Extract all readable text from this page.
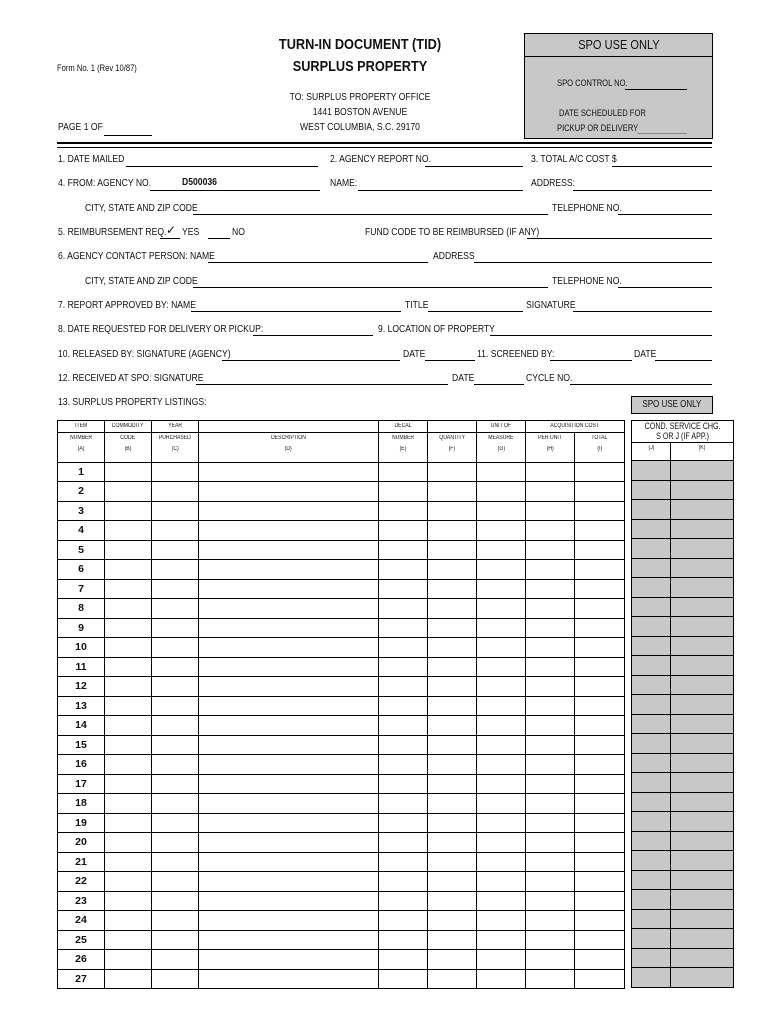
Form No. 1 (Rev 10/87)
TURN-IN DOCUMENT (TID)
SURPLUS PROPERTY
TO: SURPLUS PROPERTY OFFICE
1441 BOSTON AVENUE
WEST COLUMBIA, S.C. 29170
PAGE 1 OF
SPO USE ONLY
SPO CONTROL NO.
DATE SCHEDULED FOR
PICKUP OR DELIVERY
1. DATE MAILED	2. AGENCY REPORT NO.	3. TOTAL A/C COST $
4. FROM: AGENCY NO.	D500036	NAME:	ADDRESS:
CITY, STATE AND ZIP CODE	TELEPHONE NO.
5. REIMBURSEMENT REQ. ✓ YES	NO	FUND CODE TO BE REIMBURSED (IF ANY)
6. AGENCY CONTACT PERSON: NAME	ADDRESS
CITY, STATE AND ZIP CODE	TELEPHONE NO.
7. REPORT APPROVED BY: NAME	TITLE	SIGNATURE
8. DATE REQUESTED FOR DELIVERY OR PICKUP:	9. LOCATION OF PROPERTY
10. RELEASED BY: SIGNATURE (AGENCY)	DATE	11. SCREENED BY:	DATE
12. RECEIVED AT SPO: SIGNATURE	DATE	CYCLE NO.
13. SURPLUS PROPERTY LISTINGS:
ITEM	COMMODITY	YEAR		DECAL		UNIT OF	ACQUISITION COST	
NUMBER	CODE	PURCHASED	DESCRIPTION	NUMBER	QUANTITY	MEASURE	PER UNIT	TOTAL
(A)	(B)	(C)	(D)	(E)	(F)	(G)	(H)	(I)
1								
2								
3								
4								
5								
6								
7								
8								
9								
10								
11								
12								
13								
14								
15								
16								
17								
18								
19								
20								
21								
22								
23								
24								
25								
26								
27								
SPO USE ONLY
COND. SERVICE CHG.
S OR J (IF APP.)	

(J)	(K)
